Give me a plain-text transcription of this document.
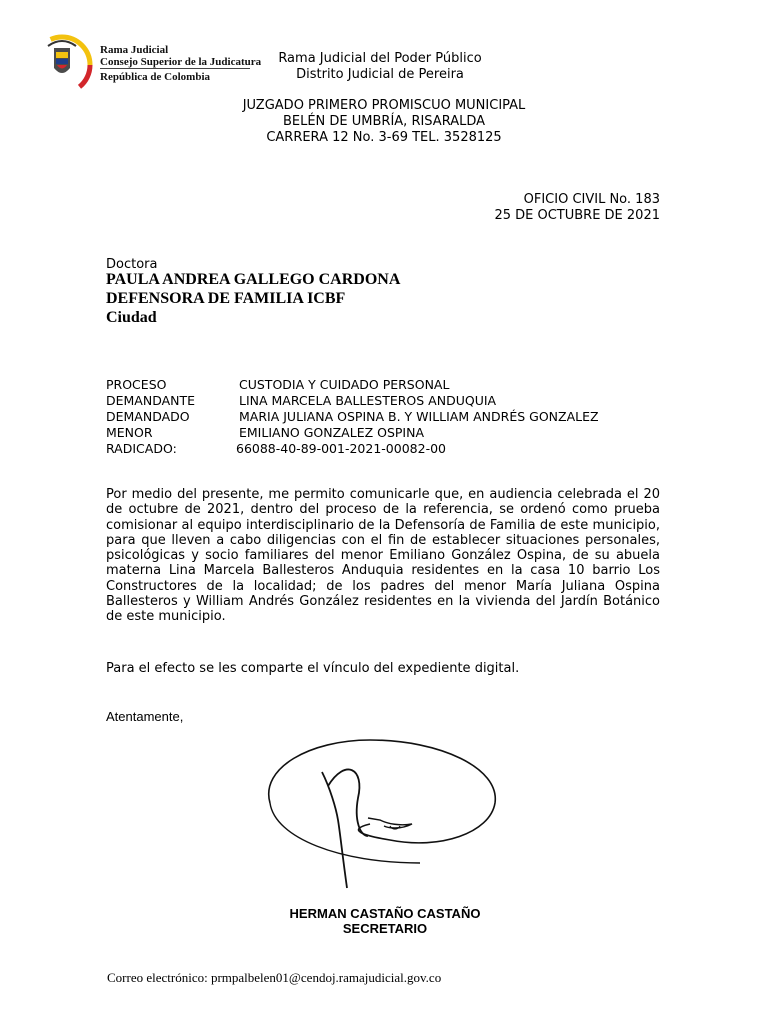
Rama Judicial
Consejo Superior de la Judicatura
República de Colombia
Rama Judicial del Poder Público
Distrito Judicial de Pereira
JUZGADO PRIMERO PROMISCUO MUNICIPAL
BELÉN DE UMBRÍA, RISARALDA
CARRERA 12 No. 3-69 TEL. 3528125
OFICIO CIVIL No. 183
25 DE OCTUBRE DE 2021
Doctora
PAULA ANDREA GALLEGO CARDONA
DEFENSORA DE FAMILIA ICBF
Ciudad
PROCESO	CUSTODIA Y CUIDADO PERSONAL
DEMANDANTE	LINA MARCELA BALLESTEROS ANDUQUIA
DEMANDADO	MARIA JULIANA OSPINA B. Y WILLIAM ANDRÉS GONZALEZ
MENOR	EMILIANO GONZALEZ OSPINA
RADICADO:	66088-40-89-001-2021-00082-00
Por medio del presente, me permito comunicarle que, en audiencia celebrada el 20 de octubre de 2021, dentro del proceso de la referencia, se ordenó como prueba comisionar al equipo interdisciplinario de la Defensoría de Familia de este municipio, para que lleven a cabo diligencias con el fin de establecer situaciones personales, psicológicas y socio familiares del menor Emiliano González Ospina, de su abuela materna Lina Marcela Ballesteros Anduquia residentes en la casa 10 barrio Los Constructores de la localidad; de los padres del menor María Juliana Ospina Ballesteros y William Andrés González residentes en la vivienda del Jardín Botánico de este municipio.
Para el efecto se les comparte el vínculo del expediente digital.
Atentamente,
HERMAN CASTAÑO CASTAÑO
SECRETARIO
Correo electrónico: prmpalbelen01@cendoj.ramajudicial.gov.co
